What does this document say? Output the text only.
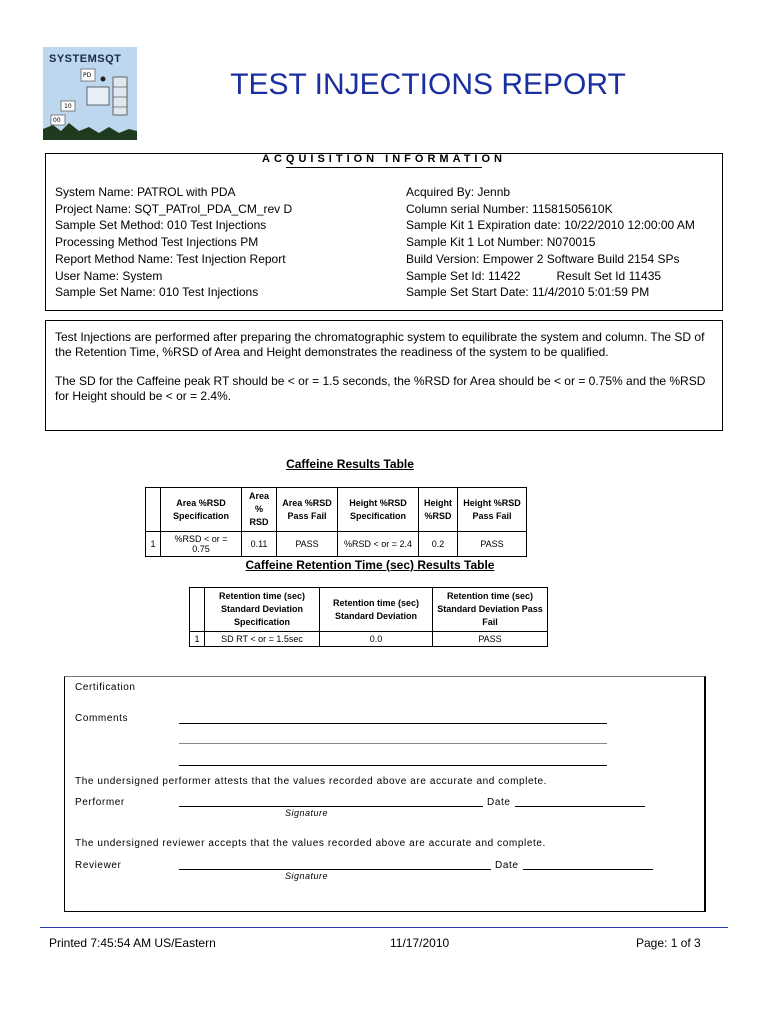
10
00
PD
SYSTEMSQT
TEST INJECTIONS REPORT
ACQUISITION INFORMATION
System Name: PATROL with PDA
Project Name: SQT_PATrol_PDA_CM_rev D
Sample Set Method: 010 Test Injections
Processing Method Test Injections PM
Report Method Name: Test Injection Report
User Name: System
Sample Set Name: 010 Test Injections
Acquired By: Jennb
Column serial Number: 11581505610K
Sample Kit 1 Expiration date: 10/22/2010 12:00:00 AM
Sample Kit 1 Lot Number: N070015
Build Version: Empower 2 Software Build 2154 SPs
Sample Set Id: 11422	Result Set Id 11435
Sample Set Start Date: 11/4/2010 5:01:59 PM

Test Injections are performed after preparing the chromatographic system to equilibrate the system and column. The SD of the Retention Time, %RSD of Area and Height demonstrates the readiness of the system to be qualified.

The SD for the Caffeine peak RT should be < or = 1.5 seconds, the %RSD for Area should be < or = 0.75% and the %RSD for Height should be < or = 2.4%.

Caffeine Results Table
	Area %RSD Specification	Area % RSD	Area %RSD Pass Fail	Height %RSD Specification	Height %RSD	Height %RSD Pass Fail
1	%RSD < or = 0.75	0.11	PASS	%RSD < or = 2.4	0.2	PASS
Caffeine Retention Time (sec) Results Table
	Retention time (sec) Standard Deviation Specification	Retention time (sec) Standard Deviation	Retention time (sec) Standard Deviation Pass Fail
1	SD RT < or = 1.5sec	0.0	PASS
Certification
Comments
The undersigned performer attests that the values recorded above are accurate and complete.
Performer	Date
Signature
The undersigned reviewer accepts that the values recorded above are accurate and complete.
Reviewer	Date
Signature
Printed 7:45:54 AM US/Eastern	11/17/2010	Page: 1 of 3
